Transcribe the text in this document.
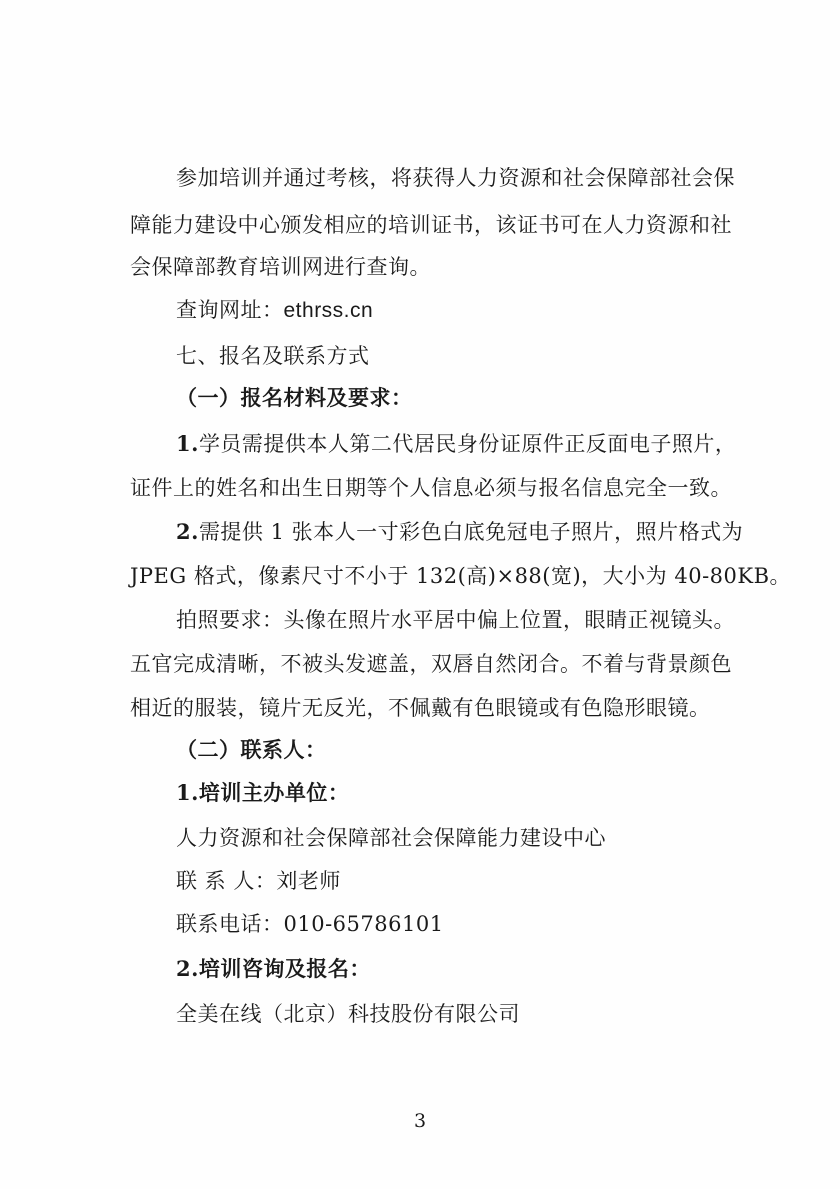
参加培训并通过考核，将获得人力资源和社会保障部社会保
障能力建设中心颁发相应的培训证书，该证书可在人力资源和社
会保障部教育培训网进行查询。
查询网址：ethrss.cn
七、报名及联系方式
（一）报名材料及要求：
1.学员需提供本人第二代居民身份证原件正反面电子照片，
证件上的姓名和出生日期等个人信息必须与报名信息完全一致。
2.需提供 1 张本人一寸彩色白底免冠电子照片，照片格式为
JPEG 格式，像素尺寸不小于 132(高)×88(宽)，大小为 40-80KB。
拍照要求：头像在照片水平居中偏上位置，眼睛正视镜头。
五官完成清晰，不被头发遮盖，双唇自然闭合。不着与背景颜色
相近的服装，镜片无反光，不佩戴有色眼镜或有色隐形眼镜。
（二）联系人：
1.培训主办单位：
人力资源和社会保障部社会保障能力建设中心
联 系 人：刘老师
联系电话：010-65786101
2.培训咨询及报名：
全美在线（北京）科技股份有限公司
3
